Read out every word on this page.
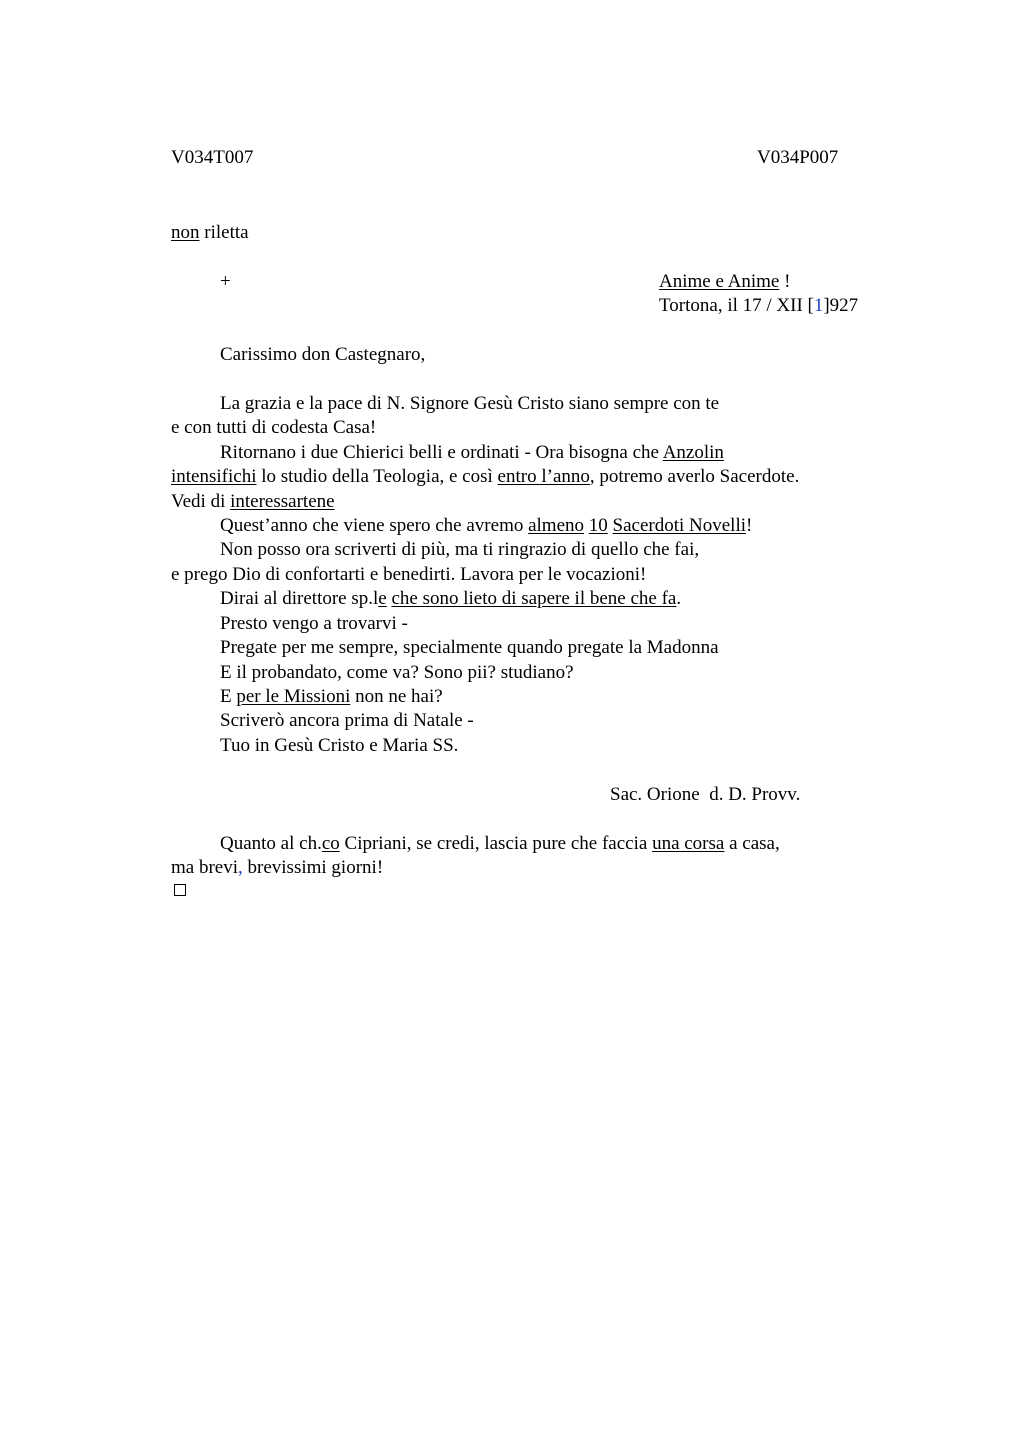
V034T007	V034P007
non riletta
+	Anime e Anime !
Tortona, il 17 / XII [1]927
Carissimo don Castegnaro,
La grazia e la pace di N. Signore Gesù Cristo siano sempre con te
e con tutti di codesta Casa!
Ritornano i due Chierici belli e ordinati - Ora bisogna che Anzolin
intensifichi lo studio della Teologia, e così entro l’anno, potremo averlo Sacerdote.
Vedi di interessartene
Quest’anno che viene spero che avremo almeno 10 Sacerdoti Novelli!
Non posso ora scriverti di più, ma ti ringrazio di quello che fai,
e prego Dio di confortarti e benedirti. Lavora per le vocazioni!
Dirai al direttore sp.le che sono lieto di sapere il bene che fa.
Presto vengo a trovarvi -
Pregate per me sempre, specialmente quando pregate la Madonna
E il probandato, come va? Sono pii? studiano?
E per le Missioni non ne hai?
Scriverò ancora prima di Natale -
Tuo in Gesù Cristo e Maria SS.
Sac. Orione  d. D. Provv.
Quanto al ch.co Cipriani, se credi, lascia pure che faccia una corsa a casa,
ma brevi, brevissimi giorni!
